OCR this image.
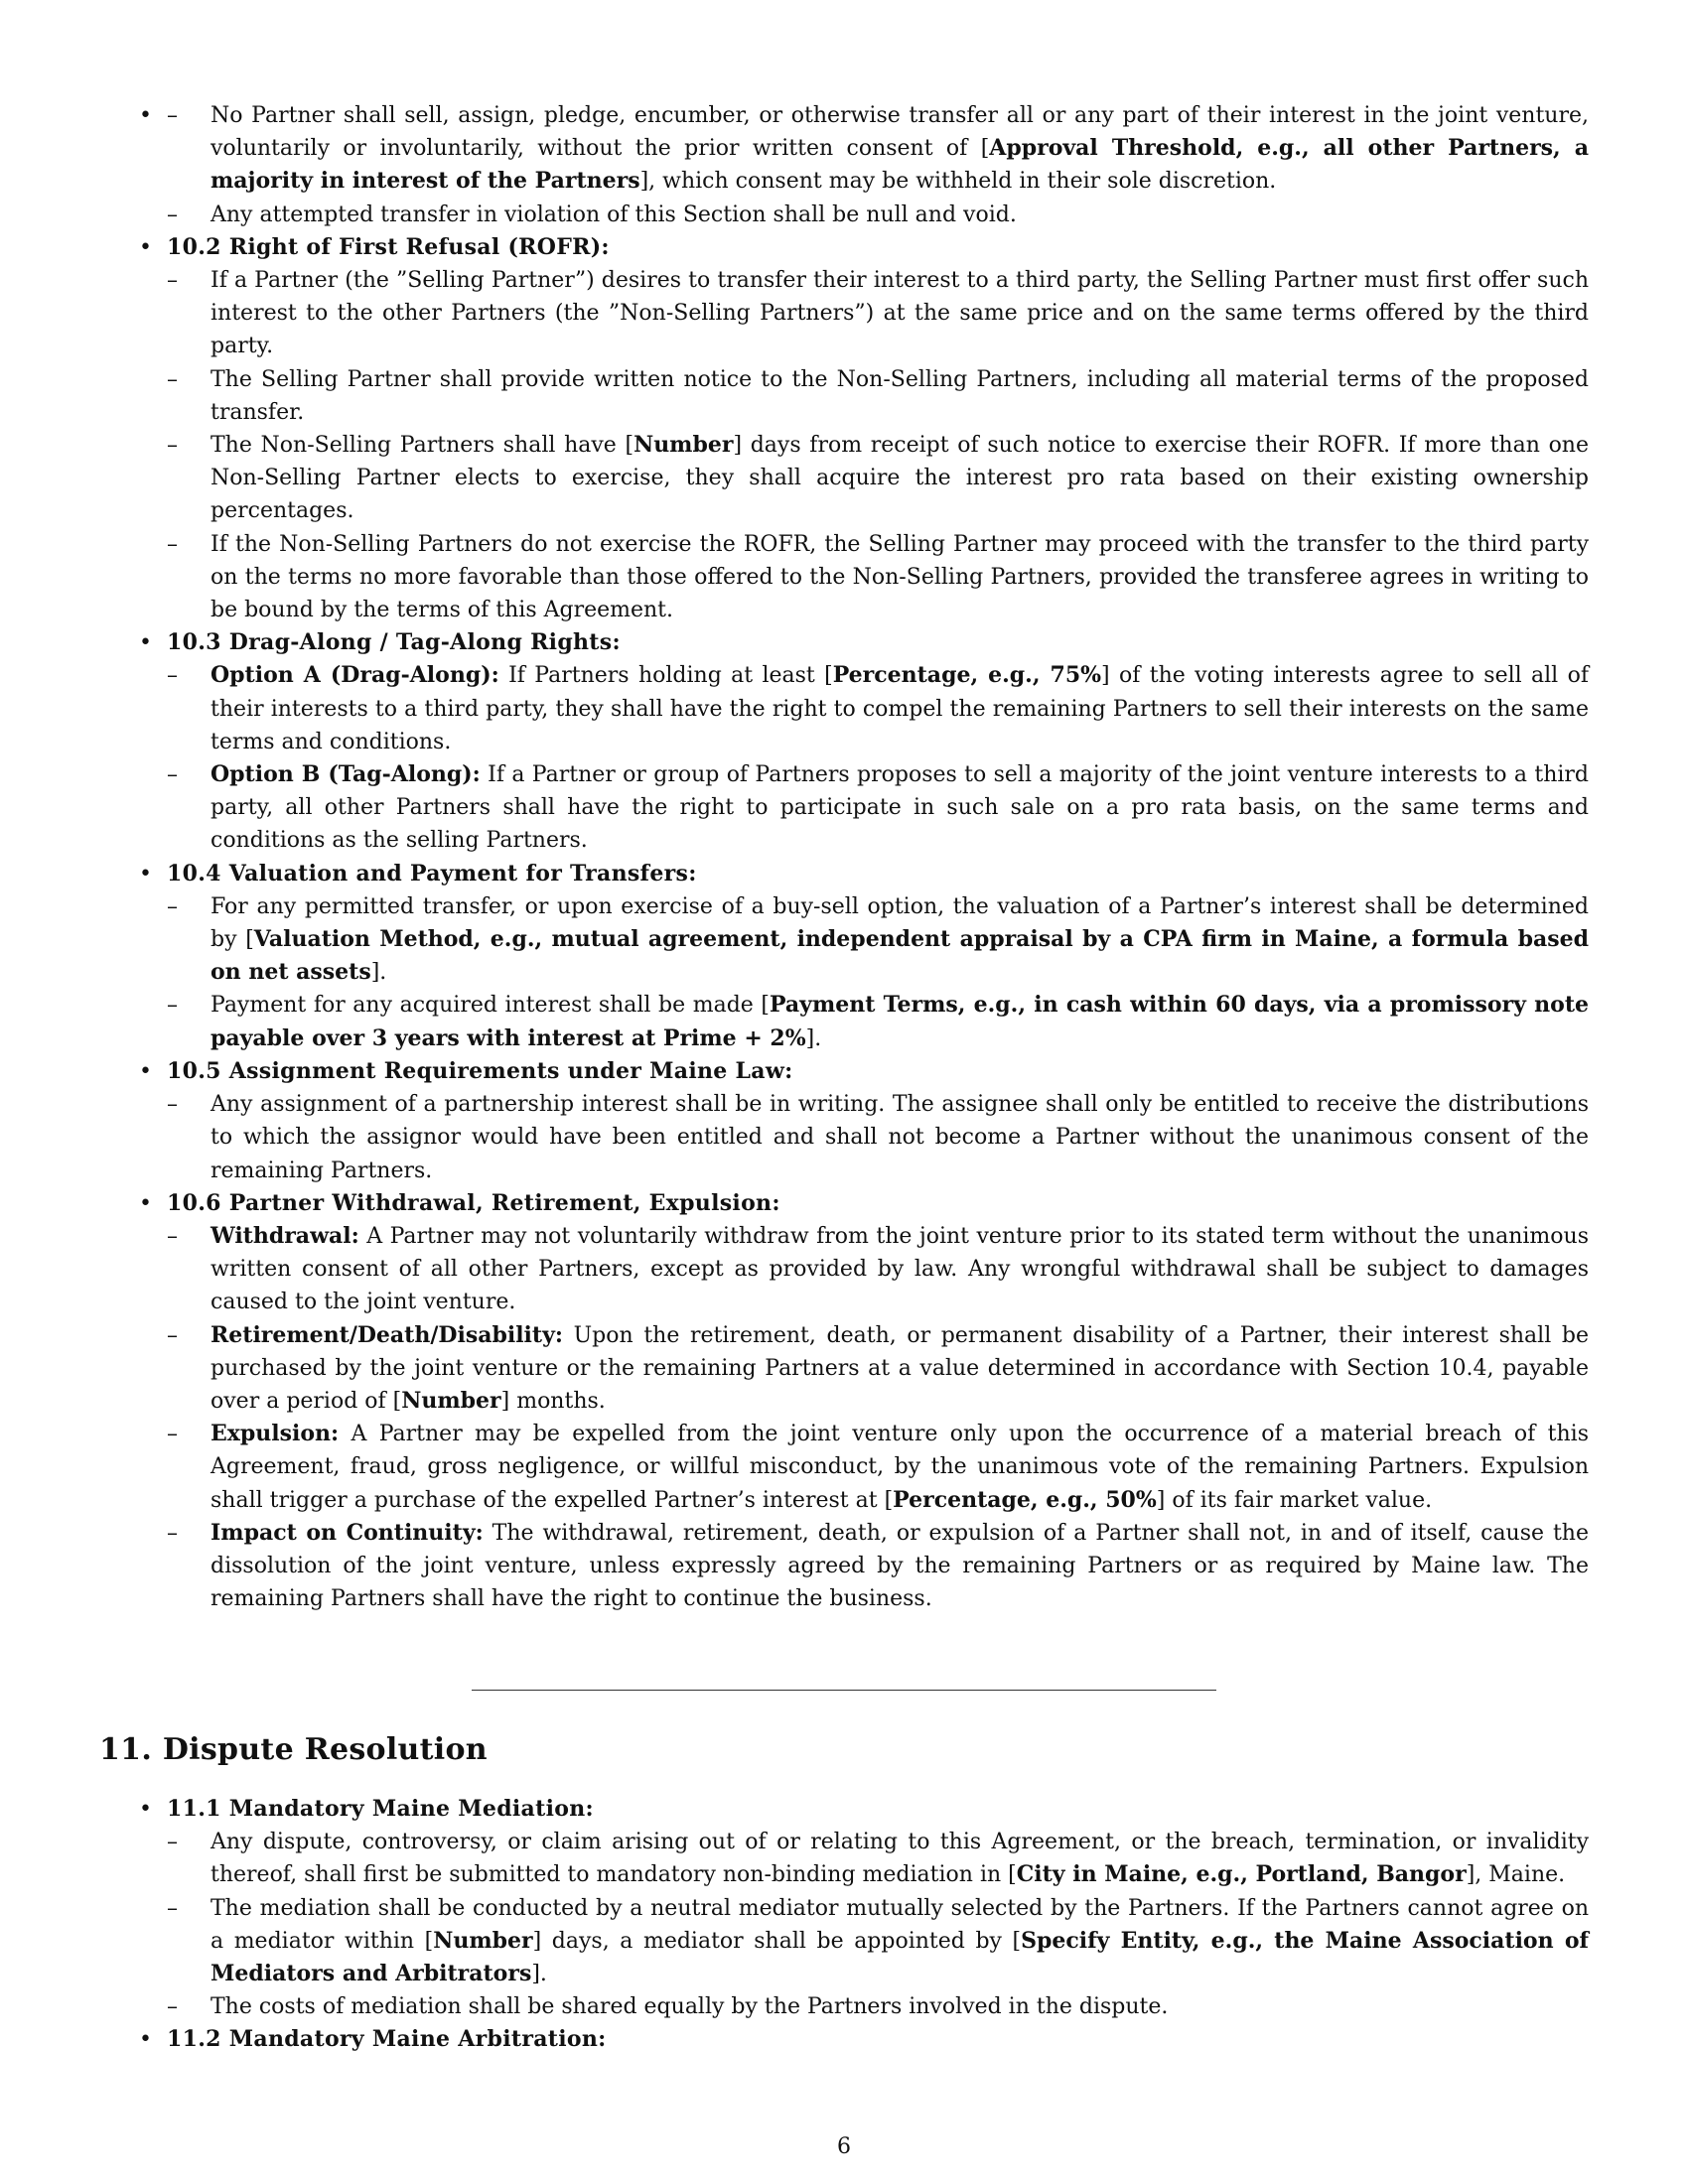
– • No Partner shall sell, assign, pledge, encumber, or otherwise transfer all or any part of their interest in the joint venture, voluntarily or involuntarily, without the prior written consent of [Approval Threshold, e.g., all other Partners, a majority in interest of the Partners], which consent may be withheld in their sole discretion.
– Any attempted transfer in violation of this Section shall be null and void.
• 10.2 Right of First Refusal (ROFR):
– If a Partner (the ”Selling Partner”) desires to transfer their interest to a third party, the Selling Partner must first offer such interest to the other Partners (the ”Non-Selling Partners”) at the same price and on the same terms offered by the third party.
– The Selling Partner shall provide written notice to the Non-Selling Partners, including all material terms of the proposed transfer.
– The Non-Selling Partners shall have [Number] days from receipt of such notice to exercise their ROFR. If more than one Non-Selling Partner elects to exercise, they shall acquire the interest pro rata based on their existing ownership percentages.
– If the Non-Selling Partners do not exercise the ROFR, the Selling Partner may proceed with the transfer to the third party on the terms no more favorable than those offered to the Non-Selling Partners, provided the transferee agrees in writing to be bound by the terms of this Agreement.
• 10.3 Drag-Along / Tag-Along Rights:
– Option A (Drag-Along): If Partners holding at least [Percentage, e.g., 75%] of the voting interests agree to sell all of their interests to a third party, they shall have the right to compel the remaining Partners to sell their interests on the same terms and conditions.
– Option B (Tag-Along): If a Partner or group of Partners proposes to sell a majority of the joint venture interests to a third party, all other Partners shall have the right to participate in such sale on a pro rata basis, on the same terms and conditions as the selling Partners.
• 10.4 Valuation and Payment for Transfers:
– For any permitted transfer, or upon exercise of a buy-sell option, the valuation of a Partner’s interest shall be determined by [Valuation Method, e.g., mutual agreement, independent appraisal by a CPA firm in Maine, a formula based on net assets].
– Payment for any acquired interest shall be made [Payment Terms, e.g., in cash within 60 days, via a promissory note payable over 3 years with interest at Prime + 2%].
• 10.5 Assignment Requirements under Maine Law:
– Any assignment of a partnership interest shall be in writing. The assignee shall only be entitled to receive the distributions to which the assignor would have been entitled and shall not become a Partner without the unanimous consent of the remaining Partners.
• 10.6 Partner Withdrawal, Retirement, Expulsion:
– Withdrawal: A Partner may not voluntarily withdraw from the joint venture prior to its stated term without the unanimous written consent of all other Partners, except as provided by law. Any wrongful withdrawal shall be subject to damages caused to the joint venture.
– Retirement/Death/Disability: Upon the retirement, death, or permanent disability of a Partner, their interest shall be purchased by the joint venture or the remaining Partners at a value determined in accordance with Section 10.4, payable over a period of [Number] months.
– Expulsion: A Partner may be expelled from the joint venture only upon the occurrence of a material breach of this Agreement, fraud, gross negligence, or willful misconduct, by the unanimous vote of the remaining Partners. Expulsion shall trigger a purchase of the expelled Partner’s interest at [Percentage, e.g., 50%] of its fair market value.
– Impact on Continuity: The withdrawal, retirement, death, or expulsion of a Partner shall not, in and of itself, cause the dissolution of the joint venture, unless expressly agreed by the remaining Partners or as required by Maine law. The remaining Partners shall have the right to continue the business.
11. Dispute Resolution
• 11.1 Mandatory Maine Mediation:
– Any dispute, controversy, or claim arising out of or relating to this Agreement, or the breach, termination, or invalidity thereof, shall first be submitted to mandatory non-binding mediation in [City in Maine, e.g., Portland, Bangor], Maine.
– The mediation shall be conducted by a neutral mediator mutually selected by the Partners. If the Partners cannot agree on a mediator within [Number] days, a mediator shall be appointed by [Specify Entity, e.g., the Maine Association of Mediators and Arbitrators].
– The costs of mediation shall be shared equally by the Partners involved in the dispute.
• 11.2 Mandatory Maine Arbitration:
6
